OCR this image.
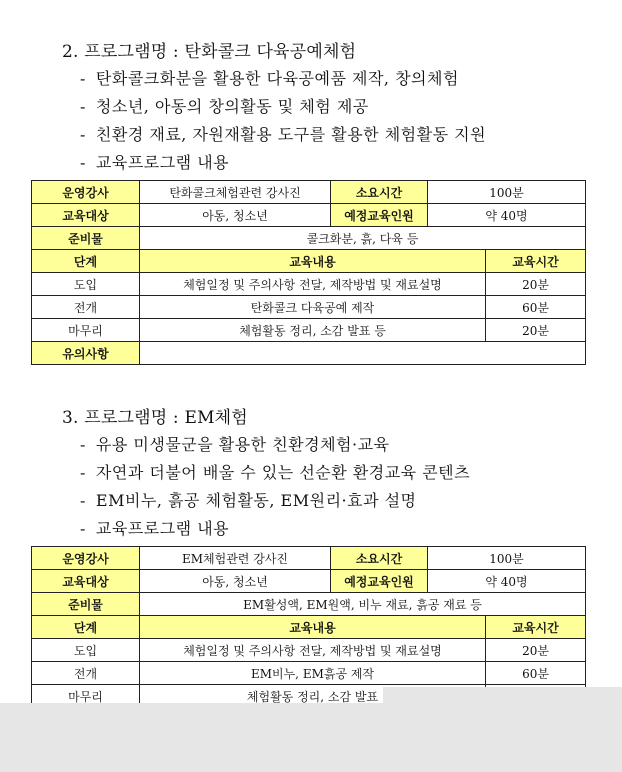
2. 프로그램명 : 탄화콜크 다육공예체험
- 탄화콜크화분을 활용한 다육공예품 제작, 창의체험
- 청소년, 아동의 창의활동 및 체험 제공
- 친환경 재료, 자원재활용 도구를 활용한 체험활동 지원
- 교육프로그램 내용
운영강사	탄화콜크체험관련 강사진	소요시간	100분	
교육대상	아동, 청소년	예정교육인원	약 40명	
준비물	콜크화분, 흙, 다육 등			
단계	교육내용			교육시간
도입	체험일정 및 주의사항 전달, 제작방법 및 재료설명			20분
전개	탄화콜크 다육공예 제작			60분
마무리	체험활동 정리, 소감 발표 등			20분
유의사항				
3. 프로그램명 : EM체험
- 유용 미생물군을 활용한 친환경체험·교육
- 자연과 더불어 배울 수 있는 선순환 환경교육 콘텐츠
- EM비누, 흙공 체험활동, EM원리·효과 설명
- 교육프로그램 내용
운영강사	EM체험관련 강사진	소요시간	100분	
교육대상	아동, 청소년	예정교육인원	약 40명	
준비물	EM활성액, EM원액, 비누 재료, 흙공 재료 등			
단계	교육내용			교육시간
도입	체험일정 및 주의사항 전달, 제작방법 및 재료설명			20분
전개	EM비누, EM흙공 제작			60분
마무리	체험활동 정리, 소감 발표			
